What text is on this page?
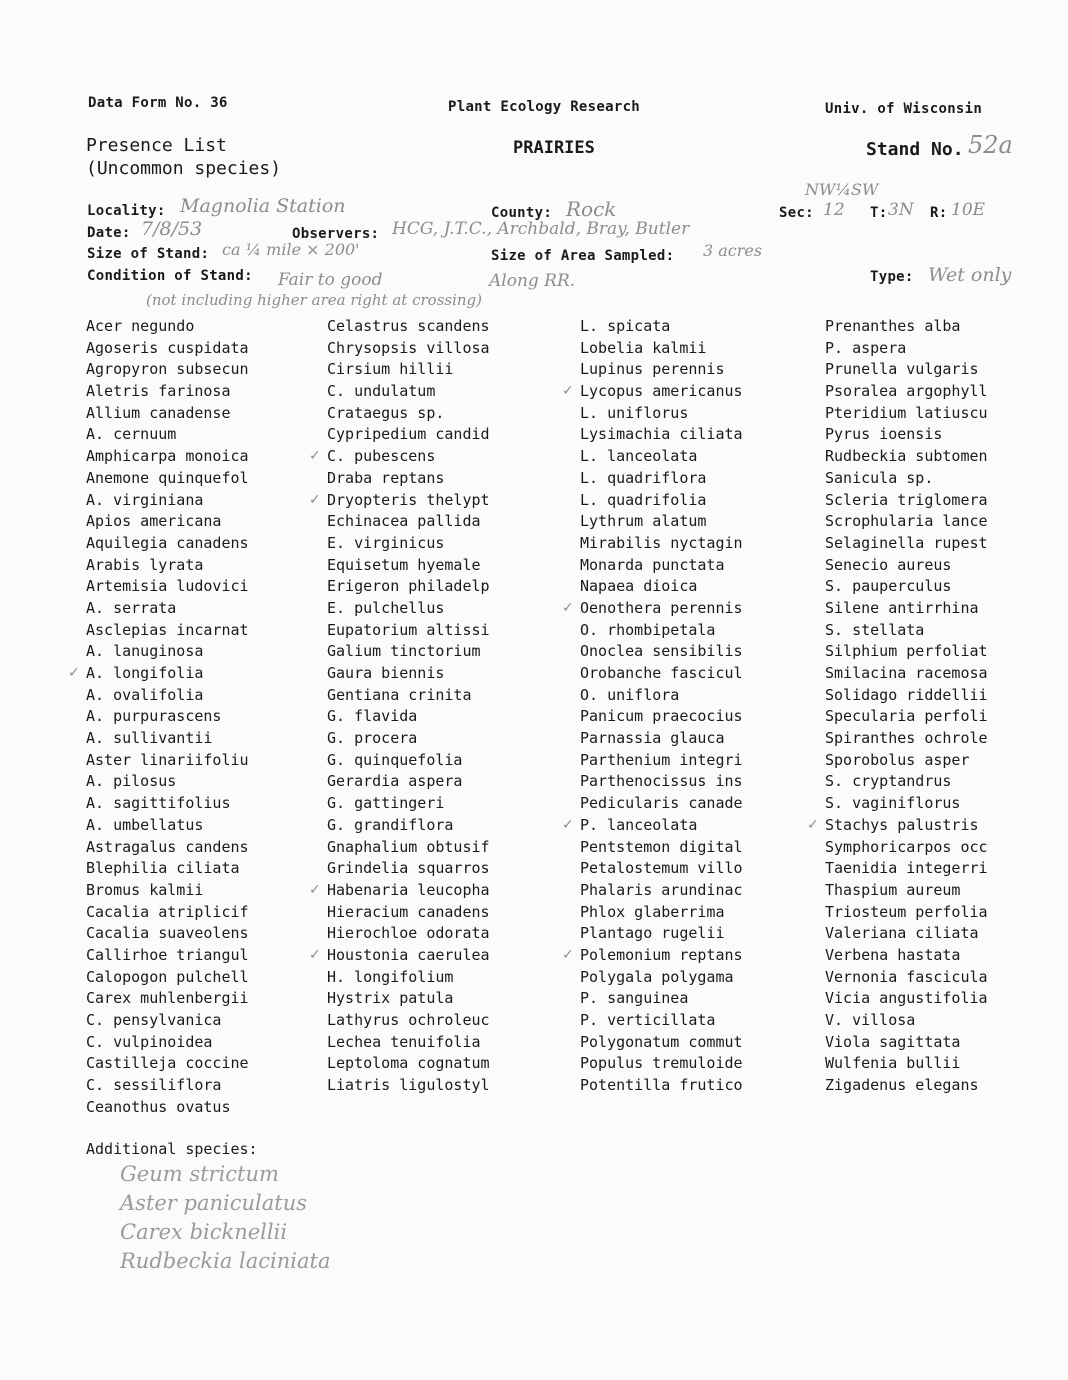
Data Form No. 36	Plant Ecology Research	Univ. of Wisconsin
Presence List
(Uncommon species)
PRAIRIES	Stand No. 52a
Locality: Magnolia Station	County: Rock
NW¼SW
Sec: 12 T: 3N R: 10E
Date: 7/8/53	Observers: HCG, J.T.C., Archbald, Bray, Butler
Size of Stand: ca ¼ mile × 200'	Size of Area Sampled: 3 acres
Condition of Stand: Fair to good	Along RR.
(not including higher area right at crossing)
Type: Wet only
Acer negundo
Agoseris cuspidata
Agropyron subsecun
Aletris farinosa
Allium canadense
A. cernuum
Amphicarpa monoica
Anemone quinquefol
A. virginiana
Apios americana
Aquilegia canadens
Arabis lyrata
Artemisia ludovici
A. serrata
Asclepias incarnat
A. lanuginosa
✓ A. longifolia
A. ovalifolia
A. purpurascens
A. sullivantii
Aster linariifoliu
A. pilosus
A. sagittifolius
A. umbellatus
Astragalus candens
Blephilia ciliata
Bromus kalmii
Cacalia atriplicif
Cacalia suaveolens
Callirhoe triangul
Calopogon pulchell
Carex muhlenbergii
C. pensylvanica
C. vulpinoidea
Castilleja coccine
C. sessiliflora
Ceanothus ovatus
Celastrus scandens
Chrysopsis villosa
Cirsium hillii
C. undulatum
Crataegus sp.
Cypripedium candid
✓ C. pubescens
Draba reptans
✓ Dryopteris thelypt
Echinacea pallida
E. virginicus
Equisetum hyemale
Erigeron philadelp
E. pulchellus
Eupatorium altissi
Galium tinctorium
Gaura biennis
Gentiana crinita
G. flavida
G. procera
G. quinquefolia
Gerardia aspera
G. gattingeri
G. grandiflora
Gnaphalium obtusif
Grindelia squarros
✓ Habenaria leucopha
Hieracium canadens
Hierochloe odorata
✓ Houstonia caerulea
H. longifolium
Hystrix patula
Lathyrus ochroleuc
Lechea tenuifolia
Leptoloma cognatum
Liatris ligulostyl
L. spicata
Lobelia kalmii
Lupinus perennis
✓ Lycopus americanus
L. uniflorus
Lysimachia ciliata
L. lanceolata
L. quadriflora
L. quadrifolia
Lythrum alatum
Mirabilis nyctagin
Monarda punctata
Napaea dioica
✓ Oenothera perennis
O. rhombipetala
Onoclea sensibilis
Orobanche fascicul
O. uniflora
Panicum praecocius
Parnassia glauca
Parthenium integri
Parthenocissus ins
Pedicularis canade
✓ P. lanceolata
Pentstemon digital
Petalostemum villo
Phalaris arundinac
Phlox glaberrima
Plantago rugelii
✓ Polemonium reptans
Polygala polygama
P. sanguinea
P. verticillata
Polygonatum commut
Populus tremuloide
Potentilla frutico
Prenanthes alba
P. aspera
Prunella vulgaris
Psoralea argophyll
Pteridium latiuscu
Pyrus ioensis
Rudbeckia subtomen
Sanicula sp.
Scleria triglomera
Scrophularia lance
Selaginella rupest
Senecio aureus
S. pauperculus
Silene antirrhina
S. stellata
Silphium perfoliat
Smilacina racemosa
Solidago riddellii
Specularia perfoli
Spiranthes ochrole
Sporobolus asper
S. cryptandrus
S. vaginiflorus
✓ Stachys palustris
Symphoricarpos occ
Taenidia integerri
Thaspium aureum
Triosteum perfolia
Valeriana ciliata
Verbena hastata
Vernonia fascicula
Vicia angustifolia
V. villosa
Viola sagittata
Wulfenia bullii
Zigadenus elegans
Additional species:
Geum strictum
Aster paniculatus
Carex bicknellii
Rudbeckia laciniata
